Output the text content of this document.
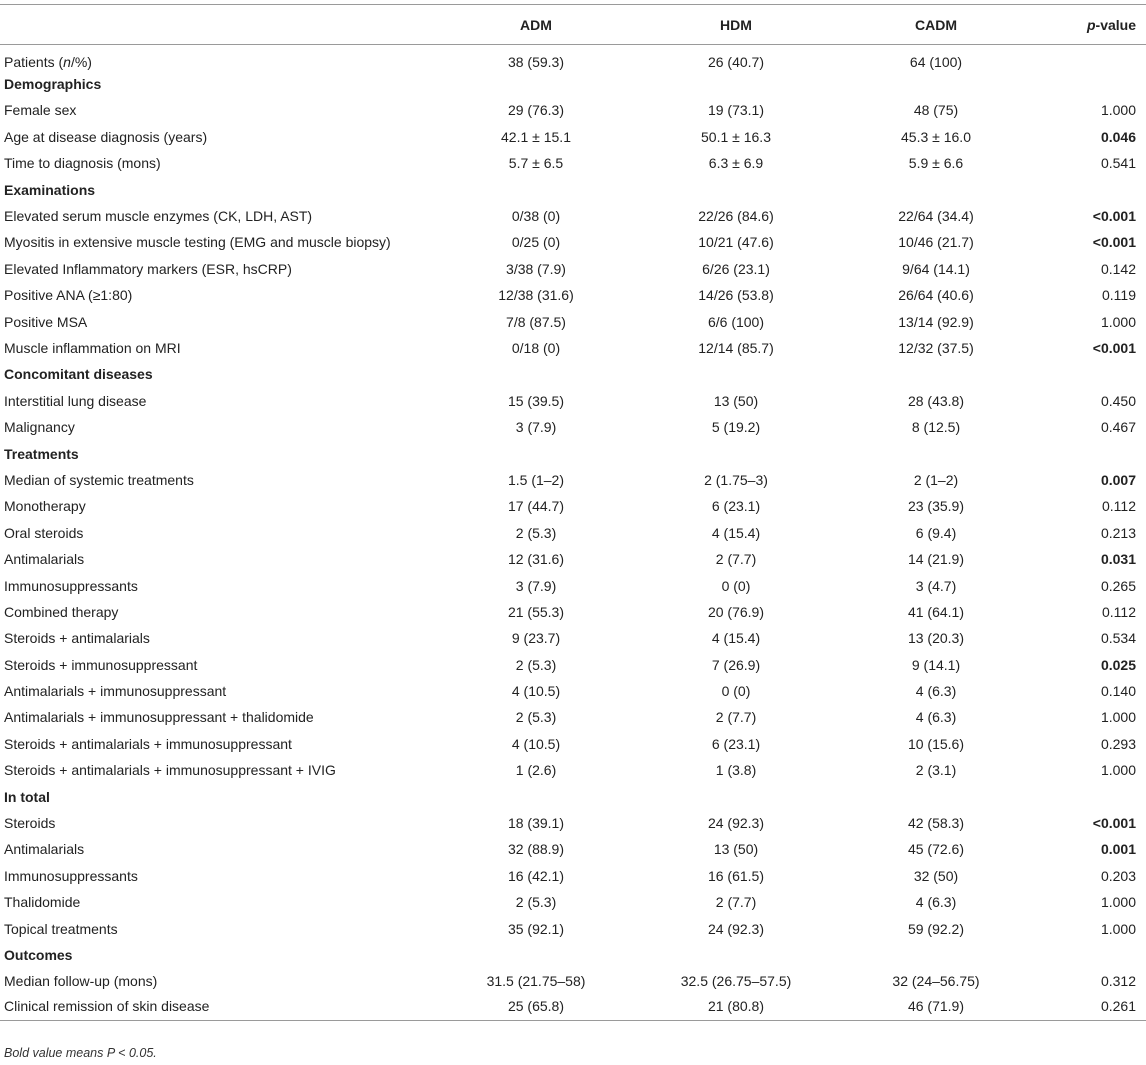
	ADM	HDM	CADM	p-value
Patients (n/%)	38 (59.3)	26 (40.7)	64 (100)	
Demographics				
Female sex	29 (76.3)	19 (73.1)	48 (75)	1.000
Age at disease diagnosis (years)	42.1 ± 15.1	50.1 ± 16.3	45.3 ± 16.0	0.046
Time to diagnosis (mons)	5.7 ± 6.5	6.3 ± 6.9	5.9 ± 6.6	0.541
Examinations				
Elevated serum muscle enzymes (CK, LDH, AST)	0/38 (0)	22/26 (84.6)	22/64 (34.4)	<0.001
Myositis in extensive muscle testing (EMG and muscle biopsy)	0/25 (0)	10/21 (47.6)	10/46 (21.7)	<0.001
Elevated Inflammatory markers (ESR, hsCRP)	3/38 (7.9)	6/26 (23.1)	9/64 (14.1)	0.142
Positive ANA (≥1:80)	12/38 (31.6)	14/26 (53.8)	26/64 (40.6)	0.119
Positive MSA	7/8 (87.5)	6/6 (100)	13/14 (92.9)	1.000
Muscle inflammation on MRI	0/18 (0)	12/14 (85.7)	12/32 (37.5)	<0.001
Concomitant diseases				
Interstitial lung disease	15 (39.5)	13 (50)	28 (43.8)	0.450
Malignancy	3 (7.9)	5 (19.2)	8 (12.5)	0.467
Treatments				
Median of systemic treatments	1.5 (1–2)	2 (1.75–3)	2 (1–2)	0.007
Monotherapy	17 (44.7)	6 (23.1)	23 (35.9)	0.112
Oral steroids	2 (5.3)	4 (15.4)	6 (9.4)	0.213
Antimalarials	12 (31.6)	2 (7.7)	14 (21.9)	0.031
Immunosuppressants	3 (7.9)	0 (0)	3 (4.7)	0.265
Combined therapy	21 (55.3)	20 (76.9)	41 (64.1)	0.112
Steroids + antimalarials	9 (23.7)	4 (15.4)	13 (20.3)	0.534
Steroids + immunosuppressant	2 (5.3)	7 (26.9)	9 (14.1)	0.025
Antimalarials + immunosuppressant	4 (10.5)	0 (0)	4 (6.3)	0.140
Antimalarials + immunosuppressant + thalidomide	2 (5.3)	2 (7.7)	4 (6.3)	1.000
Steroids + antimalarials + immunosuppressant	4 (10.5)	6 (23.1)	10 (15.6)	0.293
Steroids + antimalarials + immunosuppressant + IVIG	1 (2.6)	1 (3.8)	2 (3.1)	1.000
In total				
Steroids	18 (39.1)	24 (92.3)	42 (58.3)	<0.001
Antimalarials	32 (88.9)	13 (50)	45 (72.6)	0.001
Immunosuppressants	16 (42.1)	16 (61.5)	32 (50)	0.203
Thalidomide	2 (5.3)	2 (7.7)	4 (6.3)	1.000
Topical treatments	35 (92.1)	24 (92.3)	59 (92.2)	1.000
Outcomes				
Median follow-up (mons)	31.5 (21.75–58)	32.5 (26.75–57.5)	32 (24–56.75)	0.312
Clinical remission of skin disease	25 (65.8)	21 (80.8)	46 (71.9)	0.261
Bold value means P < 0.05.
